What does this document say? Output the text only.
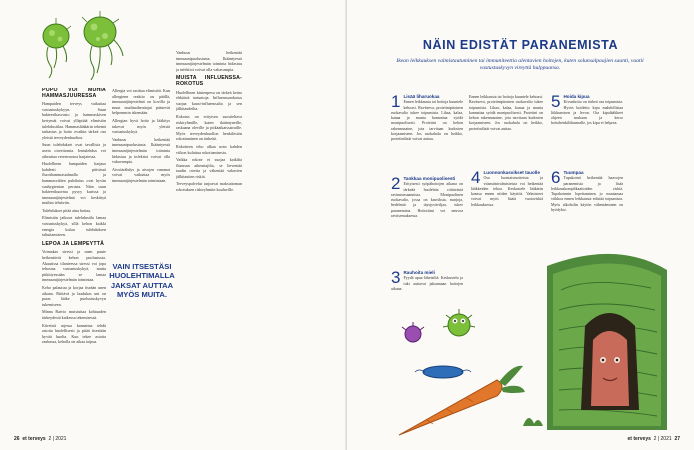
PÖPÖ VOI MUHIA HAMMASJUURESSA

Hampaiden terveys vaikuttaa vastustuskykyyn. Suun bakteerikasvusto ja hammaskiven kertymät voivat ylläpitää elimistön tulehdustilaa. Hammaslääkärin tekemä tarkastus ja hoito ovatkin tärkeä osa yleistä terveydenhuoltoa.

Suun tulehdukset ovat tavallisia ja usein oireettomia. Ientulehdus voi aiheuttaa verenvuotoa harjatessa.

Huolellinen hampaiden harjaus kahdesti päivässä fluorihammastahnalla ja hammasvälien puhdistus ovat hyvän suuhygienian perusta. Näin suun bakteerikuorma pysyy kurissa ja immuunijärjestelmä voi keskittyä muihin tehtäviin.

Tulehdukset pitää aina hoitaa.

Elimistön jatkuva tulehdustila lamaa vastustuskykyä, sillä kehon kaikki energia kuluu tulehduksen taltuttamiseen.

LEPOA JA LEMPEYTTÄ

Voimakas stressi ja unen puute heikentävät kehon puolustusta. Akuutissa tilanteessa stressi voi jopa tehostaa vastustuskykyä, mutta pitkittyessään se lamaa immuunijärjestelmän toimintaa.

Keho palautuu ja korjaa itseään unen aikana. Riittävä ja laadukas uni on paras lääke puolustuskyvyn tukemiseen.

Minna Raivio muistuttaa kohtuuden tärkeydestä kaikessa tekemisessä.

Kiireistä arjessa kannattaa tehdä asioita huolellisesti ja pitää itsestään hyvää huolta. Kun tekee asioita rauhassa, keholla on aikaa toipua.

Allergia voi rasittaa elimistöä. Kun allerginen reaktio on päällä, immuunijärjestelmä on kovilla ja muut taudinaiheuttajat pääsevät helpommin iskemään.

Allergian hyvä hoito ja lääkitys tukevat myös yleistä vastustuskykyä.

Vanhuus heikentää immuunipuolustusta. Ikääntyessä immuunijärjestelmän toiminta hidastuu ja infektiot voivat olla vakavampia.

Aivotärähdys ja aivojen vammat voivat vaikuttaa myös immuunijärjestelmän toimintaan.

Vanhuus heikentää immuunipuolustusta. Ikääntyessä immuunijärjestelmän toiminta hidastuu ja infektiot voivat olla vakavampia.

MUISTA INFLUENSSA-ROKOTUS

Huolellinen käsienpesu on tärkeä keino ehkäistä tartuntoja. Influenssarokotus suojaa kausi-influenssalta ja sen jälkitaudeilta.

Rokotus on erityisen suositeltava riskiryhmille, kuten ikääntyneille, raskaana oleville ja pitkäaikaissairaille. Myös terveydenhuollon henkilöstön rokottaminen on tärkeää.

Rokotteen teho alkaa noin kahden viikon kuluttua rokottamisesta.

Vaikka rokote ei suojaa kaikilta flunssan aiheuttajilta, se lieventää taudin oireita ja vähentää vakavien jälkitautien riskiä.

Terveyspalvelut tarjoavat maksuttoman rokotuksen riskiryhmiin kuuluville.

VAIN ITSESTÄSI HUOLEHTIMALLA JAKSAT AUTTAA MYÖS MUITA.
26 et terveys 2 | 2021
NÄIN EDISTÄT PARANEMISTA
Ikean leikkauksen valmistautuminen tai immuniteettia alentavien hoitojen, kuten solunsalpaajien saanti, vaatii vastustuskyvyn vireyttä hulppuansa.
1 Lisää liharuokaa
Ennen leikkausta tai hoitoja kuuntele kehoasi. Ravitseva, proteiinipitoinen ruokavalio tukee toipumista. Lihaa, kalaa, kanaa ja munia kannattaa syödä monipuolisesti. Proteiini on kehon rakennusaine, jota tarvitaan kudosten korjaamiseen. Jos ruokahalu on heikko, proteiinilisät voivat auttaa.
2 Tankkaa monipuolisesti
Erityisesti syöpähoitojen aikana on tärkeää huolehtia riittävästä ravinnonsaannista. Monipuolinen ruokavalio, jossa on kasviksia, marjoja, hedelmiä ja täysjyväviljaa, tukee paranemista. Hoitotiimi voi neuvoa ravitsemuksessa.
3 Rauhoita mieli
Pyydä apua läheisiltä. Keskustelu ja tuki auttavat jaksamaan hoitojen aikana.

Ennen leikkausta tai hoitoja kuuntele kehoasi. Ravitseva, proteiinipitoinen ruokavalio tukee toipumista. Lihaa, kalaa, kanaa ja munia kannattaa syödä monipuolisesti. Proteiini on kehon rakennusaine, jota tarvitaan kudosten korjaamiseen. Jos ruokahalu on heikko, proteiinilisät voivat auttaa.

4 Luonnonkasvikset tauolle
Osa luontaistuotteista ja vitamiinivalmisteista voi heikentää lääkkeiden tehoa. Keskustele lääkärin kanssa ennen niiden käyttöä. Valmisteet voivat myös lisätä vuotoriskiä leikkauksessa.
5 Hoida kipua
Kivunhoito on tärkeä osa toipumista. Hyvin hoidettu kipu mahdollistaa liikkumisen ja levon. Ota kipulääkkeet ohjeen mukaan ja kerro hoitohenkilökunnalle, jos kipu ei helpota.
6 Tuumpaa
Tupakointi heikentää haavojen paranemista ja lisää leikkauskomplikaatioiden riskiä. Tupakoinnin lopettaminen jo muutamaa viikkoa ennen leikkausta edistää toipumista. Myös alkoholin käytön vähentäminen on hyödyksi.
et terveys 2 | 2021 27
